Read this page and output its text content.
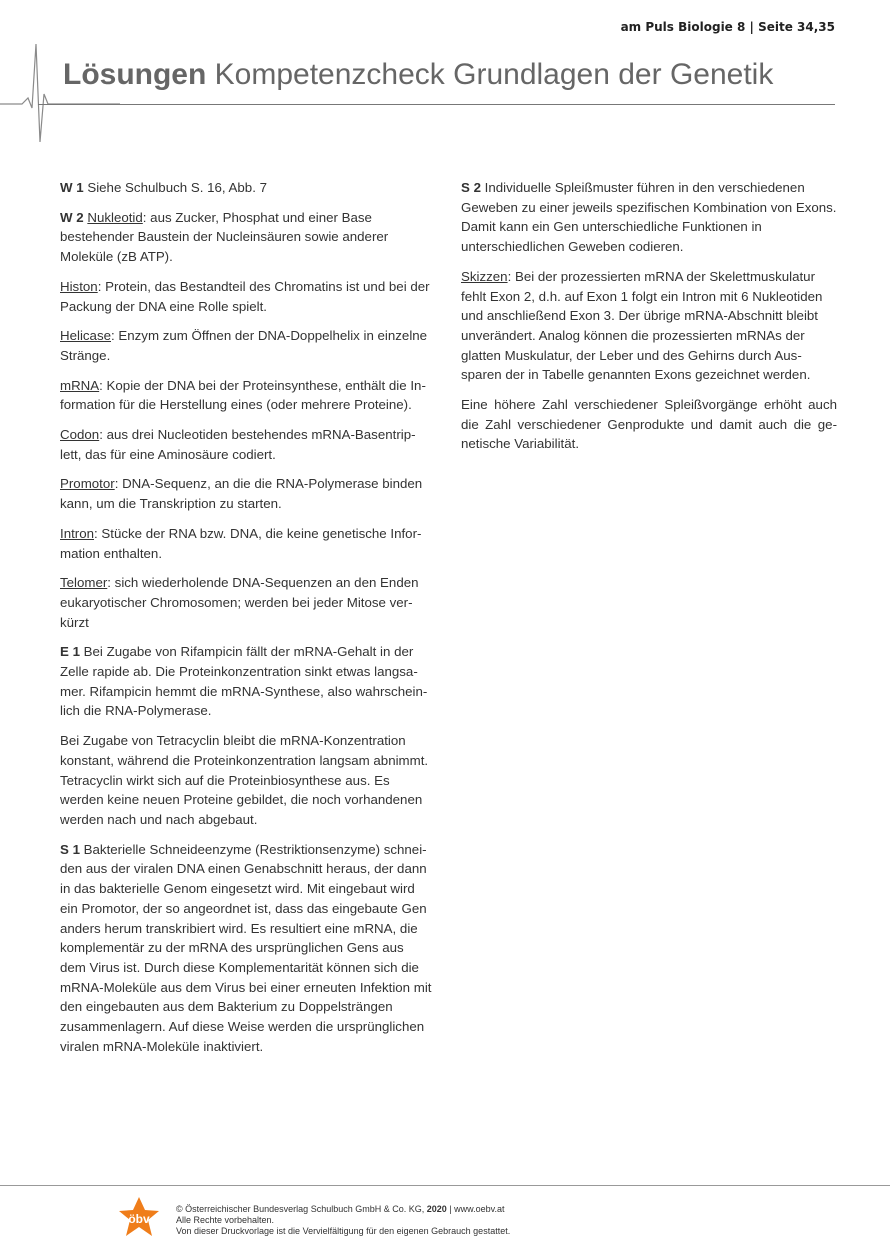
am Puls Biologie 8 | Seite 34,35
Lösungen Kompetenzcheck Grundlagen der Genetik

W 1 Siehe Schulbuch S. 16, Abb. 7

W 2 Nukleotid: aus Zucker, Phosphat und einer Base bestehender Baustein der Nucleinsäuren sowie anderer Moleküle (zB ATP).

Histon: Protein, das Bestandteil des Chromatins ist und bei der Packung der DNA eine Rolle spielt.

Helicase: Enzym zum Öffnen der DNA-Doppelhelix in einzelne Stränge.

mRNA: Kopie der DNA bei der Proteinsynthese, enthält die Information für die Herstellung eines (oder mehrere Proteine).

Codon: aus drei Nucleotiden bestehendes mRNA-Basentriplett, das für eine Aminosäure codiert.

Promotor: DNA-Sequenz, an die die RNA-Polymerase binden kann, um die Transkription zu starten.

Intron: Stücke der RNA bzw. DNA, die keine genetische Information enthalten.

Telomer: sich wiederholende DNA-Sequenzen an den Enden eukaryotischer Chromosomen; werden bei jeder Mitose verkürzt

E 1 Bei Zugabe von Rifampicin fällt der mRNA-Gehalt in der Zelle rapide ab. Die Proteinkonzentration sinkt etwas langsamer. Rifampicin hemmt die mRNA-Synthese, also wahrscheinlich die RNA-Polymerase.

Bei Zugabe von Tetracyclin bleibt die mRNA-Konzentration konstant, während die Proteinkonzentration langsam abnimmt. Tetracyclin wirkt sich auf die Proteinbiosynthese aus. Es werden keine neuen Proteine gebildet, die noch vorhandenen werden nach und nach abgebaut.

S 1 Bakterielle Schneideenzyme (Restriktionsenzyme) schneiden aus der viralen DNA einen Genabschnitt heraus, der dann in das bakterielle Genom eingesetzt wird. Mit eingebaut wird ein Promotor, der so angeordnet ist, dass das eingebaute Gen anders herum transkribiert wird. Es resultiert eine mRNA, die komplementär zu der mRNA des ursprünglichen Gens aus dem Virus ist. Durch diese Komplementarität können sich die mRNA-Moleküle aus dem Virus bei einer erneuten Infektion mit den eingebauten aus dem Bakterium zu Doppelsträngen zusammenlagern. Auf diese Weise werden die ursprünglichen viralen mRNA-Moleküle inaktiviert.

S 2 Individuelle Spleißmuster führen in den verschiedenen Geweben zu einer jeweils spezifischen Kombination von Exons. Damit kann ein Gen unterschiedliche Funktionen in unterschiedlichen Geweben codieren.

Skizzen: Bei der prozessierten mRNA der Skelettmuskulatur fehlt Exon 2, d.h. auf Exon 1 folgt ein Intron mit 6 Nukleotiden und anschließend Exon 3. Der übrige mRNA-Abschnitt bleibt unverändert. Analog können die prozessierten mRNAs der glatten Muskulatur, der Leber und des Gehirns durch Aussparen der in Tabelle genannten Exons gezeichnet werden.

Eine höhere Zahl verschiedener Spleißvorgänge erhöht auch die Zahl verschiedener Genprodukte und damit auch die genetische Variabilität.

öbv
© Österreichischer Bundesverlag Schulbuch GmbH & Co. KG, 2020 | www.oebv.at
Alle Rechte vorbehalten.
Von dieser Druckvorlage ist die Vervielfältigung für den eigenen Gebrauch gestattet.
